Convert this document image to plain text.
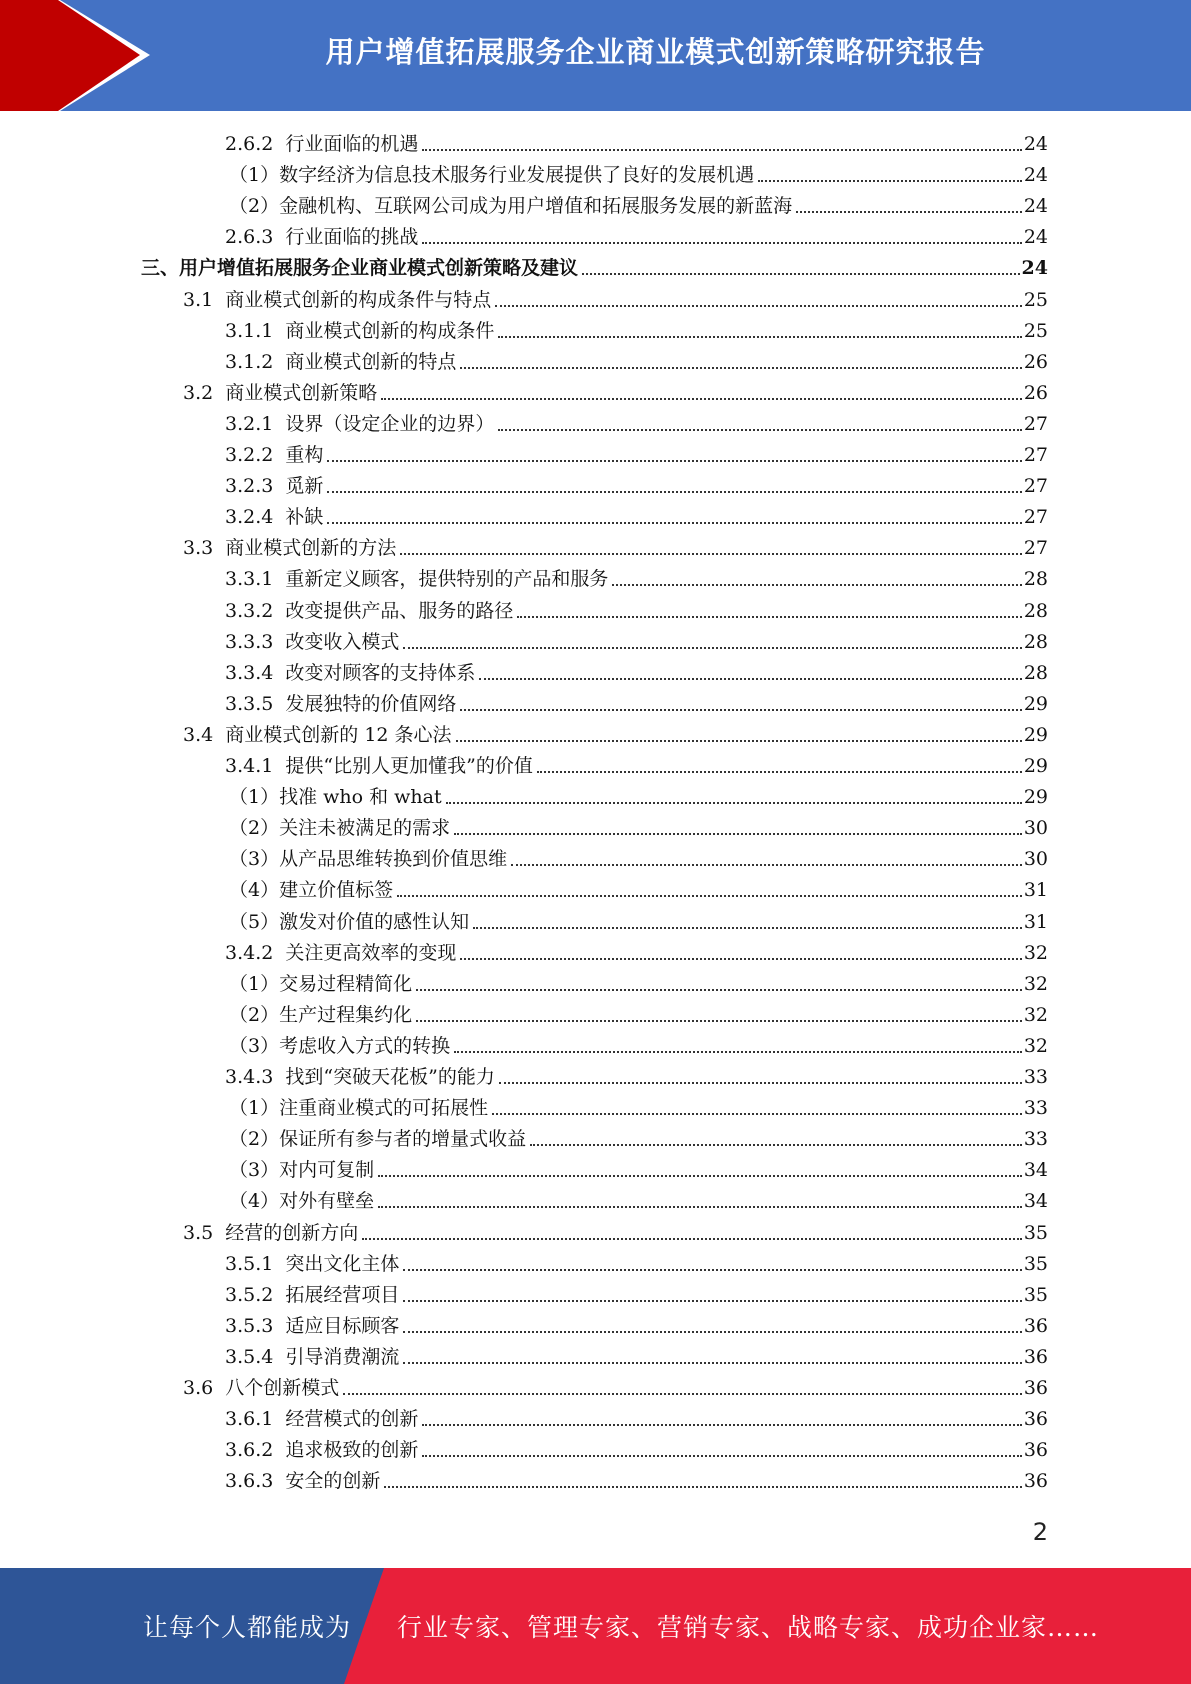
用户增值拓展服务企业商业模式创新策略研究报告
2.6.2  行业面临的机遇	24
（1）数字经济为信息技术服务行业发展提供了良好的发展机遇	24
（2）金融机构、互联网公司成为用户增值和拓展服务发展的新蓝海	24
2.6.3  行业面临的挑战	24
三、用户增值拓展服务企业商业模式创新策略及建议	24
3.1  商业模式创新的构成条件与特点	25
3.1.1  商业模式创新的构成条件	25
3.1.2  商业模式创新的特点	26
3.2  商业模式创新策略	26
3.2.1  设界（设定企业的边界）	27
3.2.2  重构	27
3.2.3  觅新	27
3.2.4  补缺	27
3.3  商业模式创新的方法	27
3.3.1  重新定义顾客，提供特别的产品和服务	28
3.3.2  改变提供产品、服务的路径	28
3.3.3  改变收入模式	28
3.3.4  改变对顾客的支持体系	28
3.3.5  发展独特的价值网络	29
3.4  商业模式创新的 12 条心法	29
3.4.1  提供“比别人更加懂我”的价值	29
（1）找准 who 和 what	29
（2）关注未被满足的需求	30
（3）从产品思维转换到价值思维	30
（4）建立价值标签	31
（5）激发对价值的感性认知	31
3.4.2  关注更高效率的变现	32
（1）交易过程精简化	32
（2）生产过程集约化	32
（3）考虑收入方式的转换	32
3.4.3  找到“突破天花板”的能力	33
（1）注重商业模式的可拓展性	33
（2）保证所有参与者的增量式收益	33
（3）对内可复制	34
（4）对外有壁垒	34
3.5  经营的创新方向	35
3.5.1  突出文化主体	35
3.5.2  拓展经营项目	35
3.5.3  适应目标顾客	36
3.5.4  引导消费潮流	36
3.6  八个创新模式	36
3.6.1  经营模式的创新	36
3.6.2  追求极致的创新	36
3.6.3  安全的创新	36
2
让每个人都能成为 行业专家、管理专家、营销专家、战略专家、成功企业家……
